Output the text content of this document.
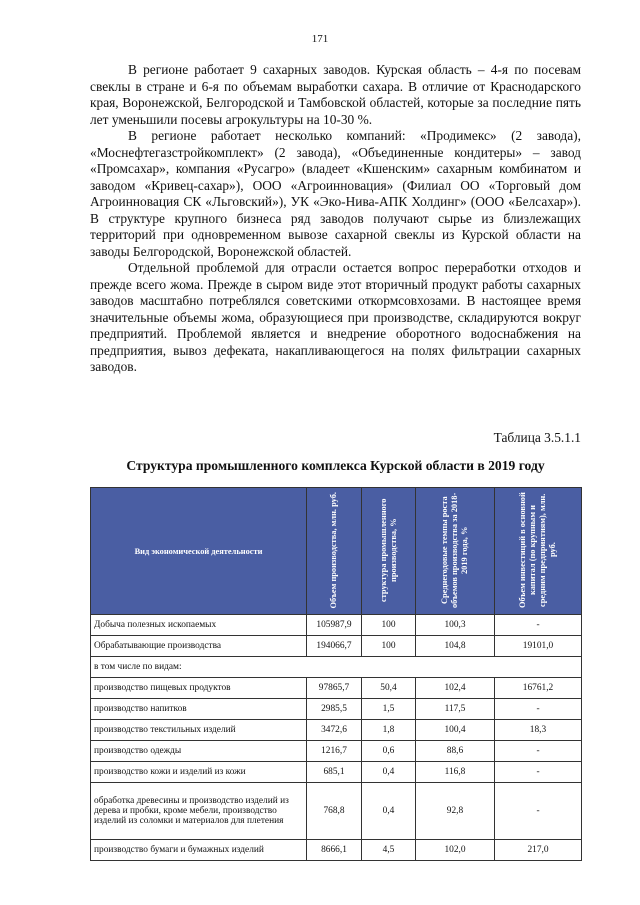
171

В регионе работает 9 сахарных заводов. Курская область – 4-я по посевам свеклы в стране и 6-я по объемам выработки сахара. В отличие от Краснодарского края, Воронежской, Белгородской и Тамбовской областей, которые за последние пять лет уменьшили посевы агрокультуры на 10-30 %.

В регионе работает несколько компаний: «Продимекс» (2 завода), «Моснефтегазстройкомплект» (2 завода), «Объединенные кондитеры» – завод «Промсахар», компания «Русагро» (владеет «Кшенским» сахарным комбинатом и заводом «Кривец-сахар»), ООО «Агроинновация» (Филиал ОО «Торговый дом Агроинновация СК «Льговский»), УК «Эко-Нива-АПК Холдинг» (ООО «Белсахар»). В структуре крупного бизнеса ряд заводов получают сырье из близлежащих территорий при одновременном вывозе сахарной свеклы из Курской области на заводы Белгородской, Воронежской областей.

Отдельной проблемой для отрасли остается вопрос переработки отходов и прежде всего жома. Прежде в сыром виде этот вторичный продукт работы сахарных заводов масштабно потреблялся советскими откормсовхозами. В настоящее время значительные объемы жома, образующиеся при производстве, складируются вокруг предприятий. Проблемой является и внедрение оборотного водоснабжения на предприятия, вывоз дефеката, накапливающегося на полях фильтрации сахарных заводов.

Таблица 3.5.1.1
Структура промышленного комплекса Курской области в 2019 году
Вид экономической деятельности	Объем производства, млн. руб.	структура промышленного производства, %	Среднегодовые темпы роста объемов производства за 2018-2019 года, %	Объем инвестиций в основной капитал (по крупным и средним предприятиям), млн. руб.
Добыча полезных ископаемых	105987,9	100	100,3	-
Обрабатывающие производства	194066,7	100	104,8	19101,0
в том числе по видам:				
производство пищевых продуктов	97865,7	50,4	102,4	16761,2
производство напитков	2985,5	1,5	117,5	-
производство текстильных изделий	3472,6	1,8	100,4	18,3
производство одежды	1216,7	0,6	88,6	-
производство кожи и изделий из кожи	685,1	0,4	116,8	-
обработка древесины и производство изделий из дерева и пробки, кроме мебели, производство изделий из соломки и материалов для плетения	768,8	0,4	92,8	-
производство бумаги и бумажных изделий	8666,1	4,5	102,0	217,0
